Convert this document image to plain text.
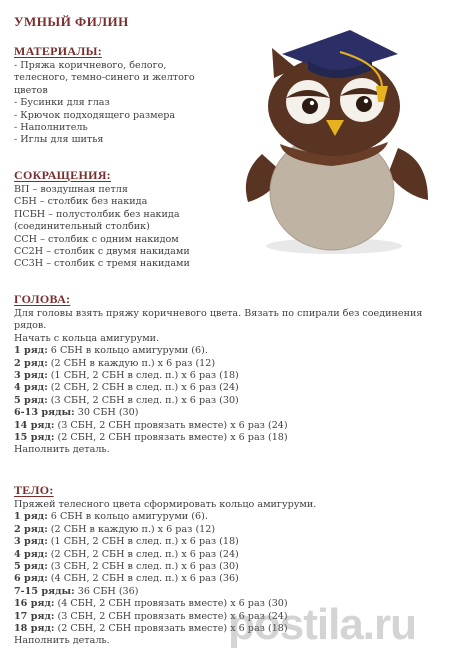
УМНЫЙ ФИЛИН
МАТЕРИАЛЫ:
- Пряжа коричневого, белого,
телесного, темно-синего и желтого
цветов
- Бусинки для глаз
- Крючок подходящего размера
- Наполнитель
- Иглы для шитья
СОКРАЩЕНИЯ:
ВП – воздушная петля
СБН – столбик без накида
ПСБН – полустолбик без накида
(соединительный столбик)
ССН – столбик с одним накидом
СС2Н – столбик с двумя накидами
СС3Н – столбик с тремя накидами
ГОЛОВА:
Для головы взять пряжу коричневого цвета. Вязать по спирали без соединения рядов.
Начать с кольца амигуруми.
1 ряд: 6 СБН в кольцо амигуруми (6).
2 ряд: (2 СБН в каждую п.) х 6 раз (12)
3 ряд: (1 СБН, 2 СБН в след. п.) х 6 раз (18)
4 ряд: (2 СБН, 2 СБН в след. п.) х 6 раз (24)
5 ряд: (3 СБН, 2 СБН в след. п.) х 6 раз (30)
6-13 ряды: 30 СБН (30)
14 ряд: (3 СБН, 2 СБН провязать вместе) х 6 раз (24)
15 ряд: (2 СБН, 2 СБН провязать вместе) х 6 раз (18)
Наполнить деталь.
ТЕЛО:
Пряжей телесного цвета сформировать кольцо амигуруми.
1 ряд: 6 СБН в кольцо амигуруми (6).
2 ряд: (2 СБН в каждую п.) х 6 раз (12)
3 ряд: (1 СБН, 2 СБН в след. п.) х 6 раз (18)
4 ряд: (2 СБН, 2 СБН в след. п.) х 6 раз (24)
5 ряд: (3 СБН, 2 СБН в след. п.) х 6 раз (30)
6 ряд: (4 СБН, 2 СБН в след. п.) х 6 раз (36)
7-15 ряды: 36 СБН (36)
16 ряд: (4 СБН, 2 СБН провязать вместе) х 6 раз (30)
17 ряд: (3 СБН, 2 СБН провязать вместе) х 6 раз (24)
18 ряд: (2 СБН, 2 СБН провязать вместе) х 6 раз (18)
Наполнить деталь.	postila.ru
